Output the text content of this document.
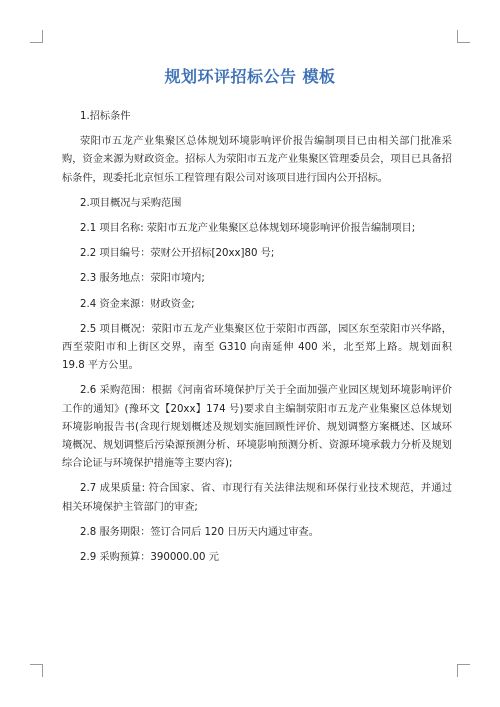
规划环评招标公告 模板

1.招标条件

荥阳市五龙产业集聚区总体规划环境影响评价报告编制项目已由相关部门批准采购，资金来源为财政资金。招标人为荥阳市五龙产业集聚区管理委员会，项目已具备招标条件，现委托北京恒乐工程管理有限公司对该项目进行国内公开招标。

2.项目概况与采购范围

2.1 项目名称: 荥阳市五龙产业集聚区总体规划环境影响评价报告编制项目;

2.2 项目编号：荥财公开招标[20xx]80 号;

2.3 服务地点：荥阳市境内;

2.4 资金来源：财政资金;

2.5 项目概况：荥阳市五龙产业集聚区位于荥阳市西部，园区东至荥阳市兴华路，西至荥阳市和上街区交界，南至 G310 向南延伸 400 米，北至郑上路。规划面积 19.8 平方公里。

2.6 采购范围：根据《河南省环境保护厅关于全面加强产业园区规划环境影响评价工作的通知》(豫环文【20xx】174 号)要求自主编制荥阳市五龙产业集聚区总体规划环境影响报告书(含现行规划概述及规划实施回顾性评价、规划调整方案概述、区域环境概况、规划调整后污染源预测分析、环境影响预测分析、资源环境承载力分析及规划综合论证与环境保护措施等主要内容);

2.7 成果质量: 符合国家、省、市现行有关法律法规和环保行业技术规范，并通过相关环境保护主管部门的审查;

2.8 服务期限：签订合同后 120 日历天内通过审查。

2.9 采购预算：390000.00 元
